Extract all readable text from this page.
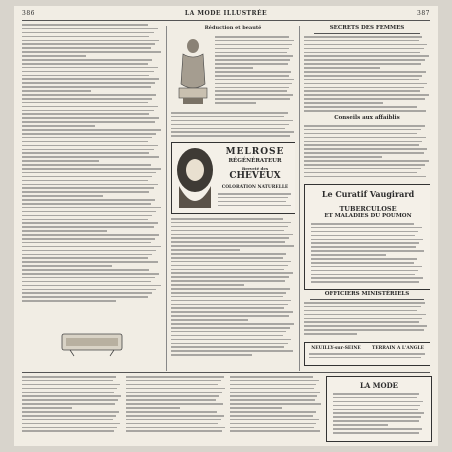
386	LA MODE ILLUSTRÉE	387
Réduction et beauté
MELROSE
RÉGÉNÉRATEUR
Breveté des
CHEVEUX
COLORATION NATURELLE
SECRETS DES FEMMES
Conseils aux affaiblis
Le Curatif Vaugirard
TUBERCULOSE
ET MALADIES DU POUMON
OFFICIERS MINISTÉRIELS
NEUILLY-sur-SEINE	TERRAIN A L'ANGLE
LA MODE
